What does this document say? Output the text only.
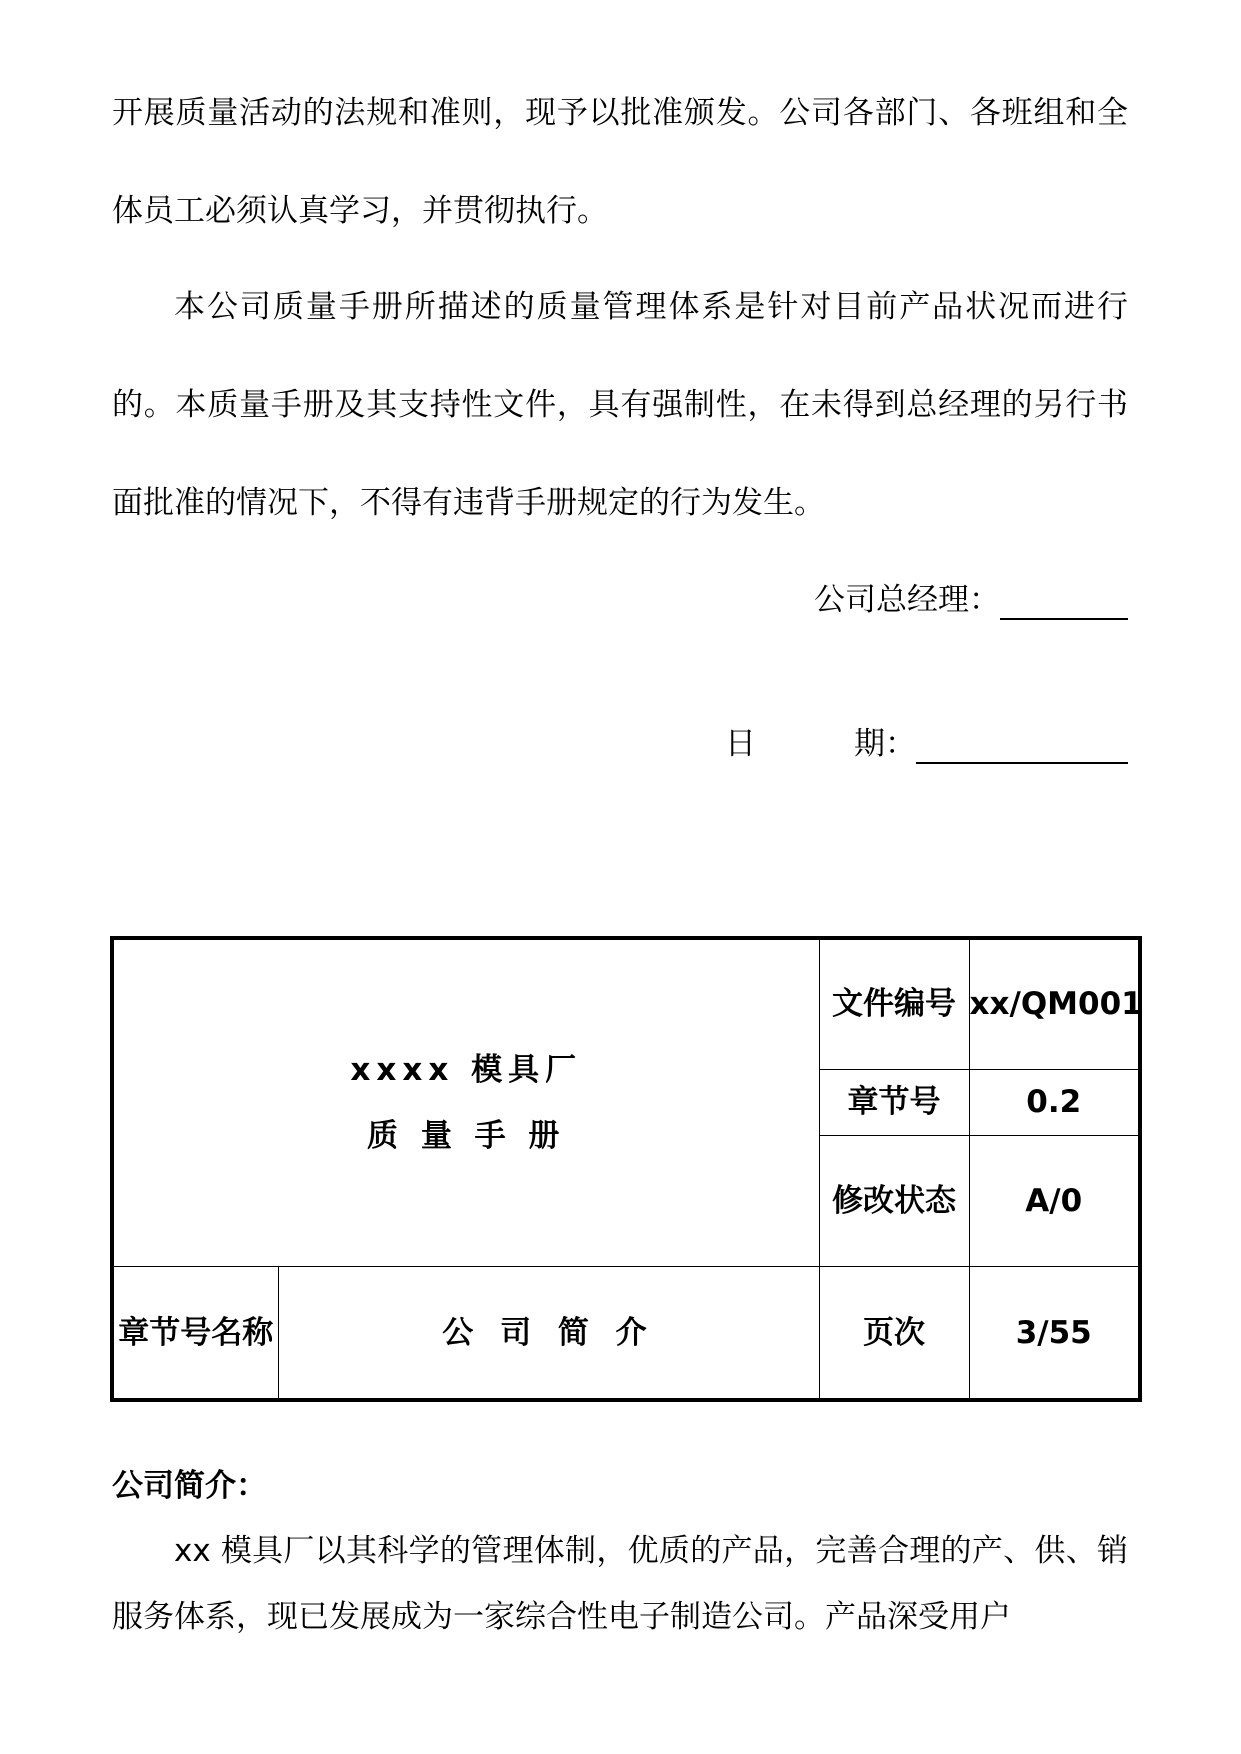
开展质量活动的法规和准则，现予以批准颁发。公司各部门、各班组和全体员工必须认真学习，并贯彻执行。

本公司质量手册所描述的质量管理体系是针对目前产品状况而进行的。本质量手册及其支持性文件，具有强制性，在未得到总经理的另行书面批准的情况下，不得有违背手册规定的行为发生。

公司总经理：
日	期：
xxxx 模具厂
质 量 手 册		文件编号	xx/QM001
		章节号	0.2
		修改状态	A/0
章节号名称	公 司 简 介	页次	3/55
公司简介：

xx 模具厂以其科学的管理体制，优质的产品，完善合理的产、供、销服务体系，现已发展成为一家综合性电子制造公司。产品深受用户
